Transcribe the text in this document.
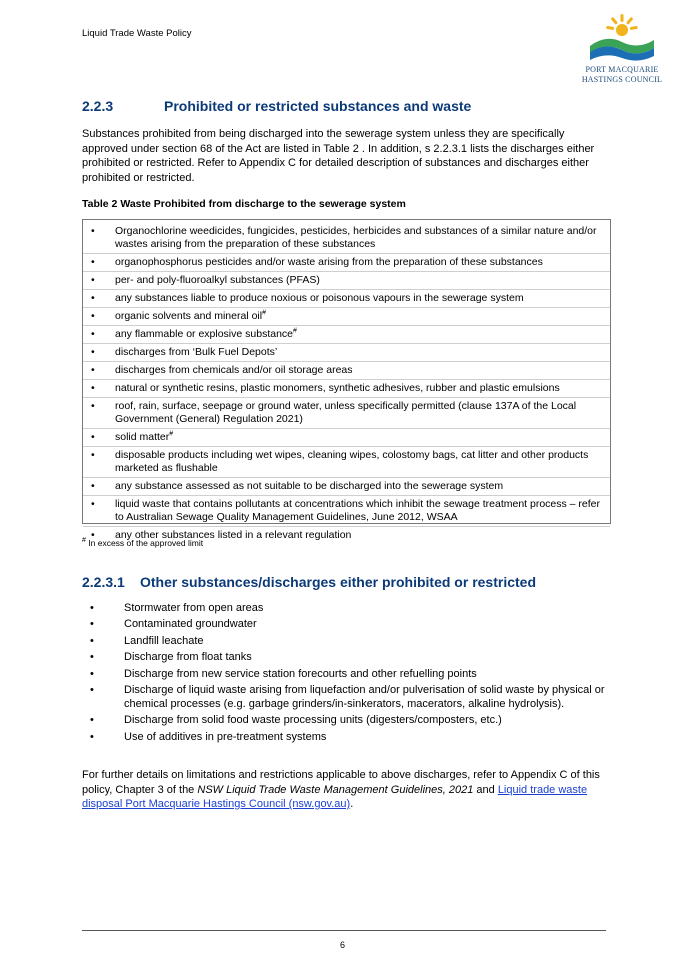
Liquid Trade Waste Policy
PORT MACQUARIE
HASTINGS COUNCIL
2.2.3	Prohibited or restricted substances and waste

Substances prohibited from being discharged into the sewerage system unless they are specifically approved under section 68 of the Act are listed in Table 2 . In addition, s 2.2.3.1 lists the discharges either prohibited or restricted. Refer to Appendix C for detailed description of substances and discharges either prohibited or restricted.

Table 2 Waste Prohibited from discharge to the sewerage system
• Organochlorine weedicides, fungicides, pesticides, herbicides and substances of a similar nature and/or wastes arising from the preparation of these substances
• organophosphorus pesticides and/or waste arising from the preparation of these substances
• per- and poly-fluoroalkyl substances (PFAS)
• any substances liable to produce noxious or poisonous vapours in the sewerage system
• organic solvents and mineral oil#
• any flammable or explosive substance#
• discharges from ‘Bulk Fuel Depots’
• discharges from chemicals and/or oil storage areas
• natural or synthetic resins, plastic monomers, synthetic adhesives, rubber and plastic emulsions
• roof, rain, surface, seepage or ground water, unless specifically permitted (clause 137A of the Local Government (General) Regulation 2021)
• solid matter#
• disposable products including wet wipes, cleaning wipes, colostomy bags, cat litter and other products marketed as flushable
• any substance assessed as not suitable to be discharged into the sewerage system
• liquid waste that contains pollutants at concentrations which inhibit the sewage treatment process – refer to Australian Sewage Quality Management Guidelines, June 2012, WSAA
• any other substances listed in a relevant regulation
# In excess of the approved limit
2.2.3.1 Other substances/discharges either prohibited or restricted
•	Stormwater from open areas
•	Contaminated groundwater
•	Landfill leachate
•	Discharge from float tanks
•	Discharge from new service station forecourts and other refuelling points
•	Discharge of liquid waste arising from liquefaction and/or pulverisation of solid waste by physical or chemical processes (e.g. garbage grinders/in-sinkerators, macerators, alkaline hydrolysis).
•	Discharge from solid food waste processing units (digesters/composters, etc.)
•	Use of additives in pre-treatment systems

For further details on limitations and restrictions applicable to above discharges, refer to Appendix C of this policy, Chapter 3 of the NSW Liquid Trade Waste Management Guidelines, 2021 and Liquid trade waste disposal Port Macquarie Hastings Council (nsw.gov.au).

6
